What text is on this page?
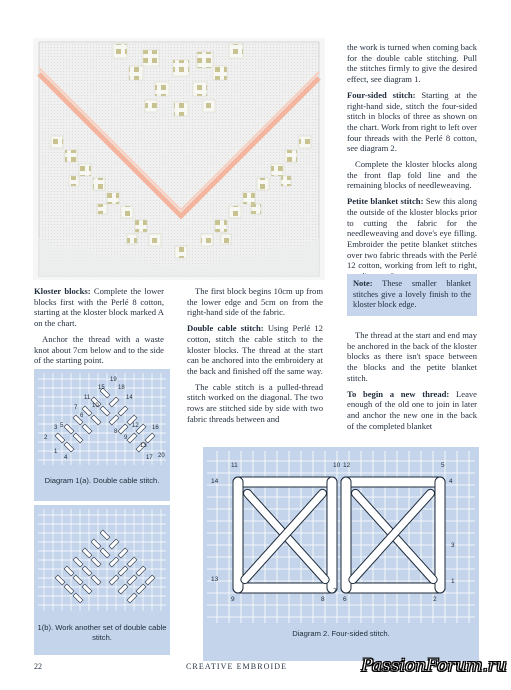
the work is turned when coming back for the double cable stitching. Pull the stitches firmly to give the desired effect, see diagram 1.

Four-sided stitch: Starting at the right-hand side, stitch the four-sided stitch in blocks of three as shown on the chart. Work from right to left over four threads with the Perlé 8 cotton, see diagram 2.

Complete the kloster blocks along the front flap fold line and the remaining blocks of needleweaving.

Petite blanket stitch: Sew this along the outside of the kloster blocks prior to cutting the fabric for the needleweaving and dove's eye filling. Embroider the petite blanket stitches over two fabric threads with the Perlé 12 cotton, working from left to right,

Note: These smaller blanket stitches give a lovely finish to the kloster block edge.

Kloster blocks: Complete the lower blocks first with the Perlé 8 cotton, starting at the kloster block marked A on the chart.

Anchor the thread with a waste knot about 7cm below and to the side of the starting point.

The first block begins 10cm up from the lower edge and 5cm on from the right-hand side of the fabric.

Double cable stitch: Using Perlé 12 cotton, stitch the cable stitch to the kloster blocks. The thread at the start can be anchored into the embroidery at the back and finished off the same way.

The cable stitch is a pulled-thread stitch worked on the diagonal. The two rows are stitched side by side with two fabric threads between and

The thread at the start and end may be anchored in the back of the kloster blocks as there isn't space between the blocks and the petite blanket stitch.

To begin a new thread: Leave enough of the old one to join in later and anchor the new one in the back of the completed blanket

19
15 18
11
7
14
10
6
3 5
2
1
4
8
9
12
13
16
17 20
Diagram 1(a). Double cable stitch.
1(b). Work another set of double cable stitch.
11	10
14
13
9	8
7
12
6
5
4
3
2
1
Diagram 2. Four-sided stitch.
22	CREATIVE EMBROIDE	PassionForum.ru
